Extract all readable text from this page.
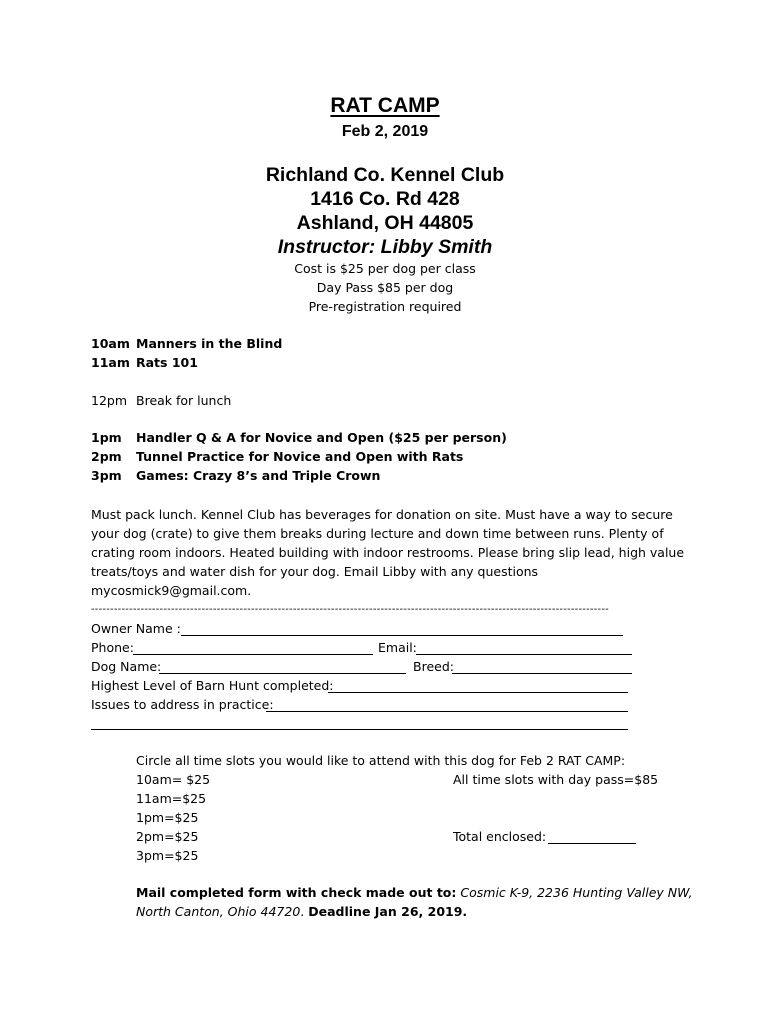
RAT CAMP
Feb 2, 2019
Richland Co. Kennel Club
1416 Co. Rd 428
Ashland, OH 44805
Instructor: Libby Smith
Cost is $25 per dog per class
Day Pass $85 per dog
Pre-registration required
10am Manners in the Blind
11am Rats 101
12pm Break for lunch
1pm Handler Q & A for Novice and Open ($25 per person)
2pm Tunnel Practice for Novice and Open with Rats
3pm Games: Crazy 8’s and Triple Crown
Must pack lunch. Kennel Club has beverages for donation on site. Must have a way to secure
your dog (crate) to give them breaks during lecture and down time between runs. Plenty of
crating room indoors. Heated building with indoor restrooms. Please bring slip lead, high value
treats/toys and water dish for your dog. Email Libby with any questions
mycosmick9@gmail.com.
----------------------------------------------------------------------------------------------------------------------------------------
Owner Name :
Phone:	Email:
Dog Name:	Breed:
Highest Level of Barn Hunt completed:
Issues to address in practice:
Circle all time slots you would like to attend with this dog for Feb 2 RAT CAMP:
10am= $25	All time slots with day pass=$85
11am=$25
1pm=$25
2pm=$25	Total enclosed:
3pm=$25
Mail completed form with check made out to: Cosmic K-9, 2236 Hunting Valley NW,
North Canton, Ohio 44720. Deadline Jan 26, 2019.
